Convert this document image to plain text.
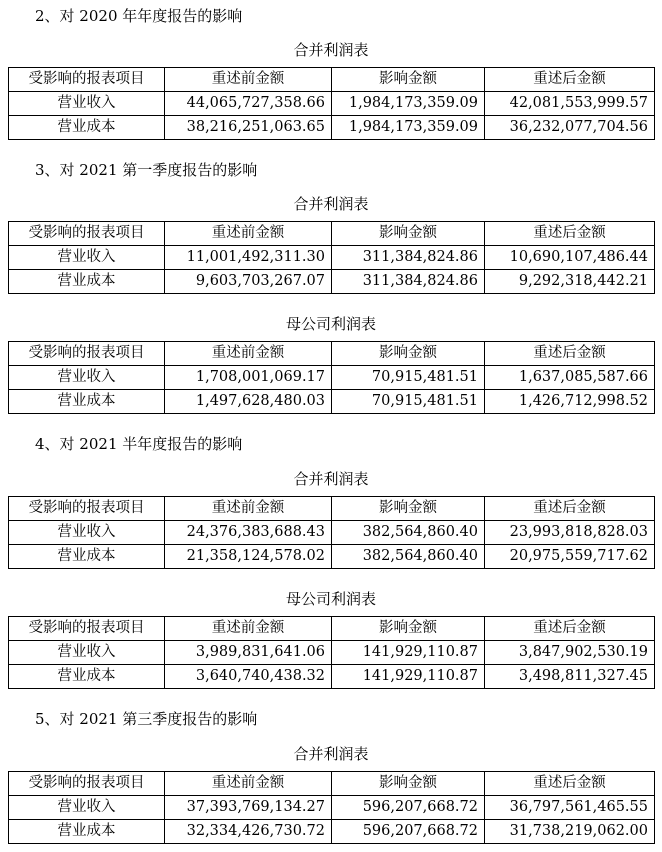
2、对 2020 年年度报告的影响
合并利润表
受影响的报表项目	重述前金额	影响金额	重述后金额
营业收入	44,065,727,358.66	1,984,173,359.09	42,081,553,999.57
营业成本	38,216,251,063.65	1,984,173,359.09	36,232,077,704.56
3、对 2021 第一季度报告的影响
合并利润表
受影响的报表项目	重述前金额	影响金额	重述后金额
营业收入	11,001,492,311.30	311,384,824.86	10,690,107,486.44
营业成本	9,603,703,267.07	311,384,824.86	9,292,318,442.21
母公司利润表
受影响的报表项目	重述前金额	影响金额	重述后金额
营业收入	1,708,001,069.17	70,915,481.51	1,637,085,587.66
营业成本	1,497,628,480.03	70,915,481.51	1,426,712,998.52
4、对 2021 半年度报告的影响
合并利润表
受影响的报表项目	重述前金额	影响金额	重述后金额
营业收入	24,376,383,688.43	382,564,860.40	23,993,818,828.03
营业成本	21,358,124,578.02	382,564,860.40	20,975,559,717.62
母公司利润表
受影响的报表项目	重述前金额	影响金额	重述后金额
营业收入	3,989,831,641.06	141,929,110.87	3,847,902,530.19
营业成本	3,640,740,438.32	141,929,110.87	3,498,811,327.45
5、对 2021 第三季度报告的影响
合并利润表
受影响的报表项目	重述前金额	影响金额	重述后金额
营业收入	37,393,769,134.27	596,207,668.72	36,797,561,465.55
营业成本	32,334,426,730.72	596,207,668.72	31,738,219,062.00
